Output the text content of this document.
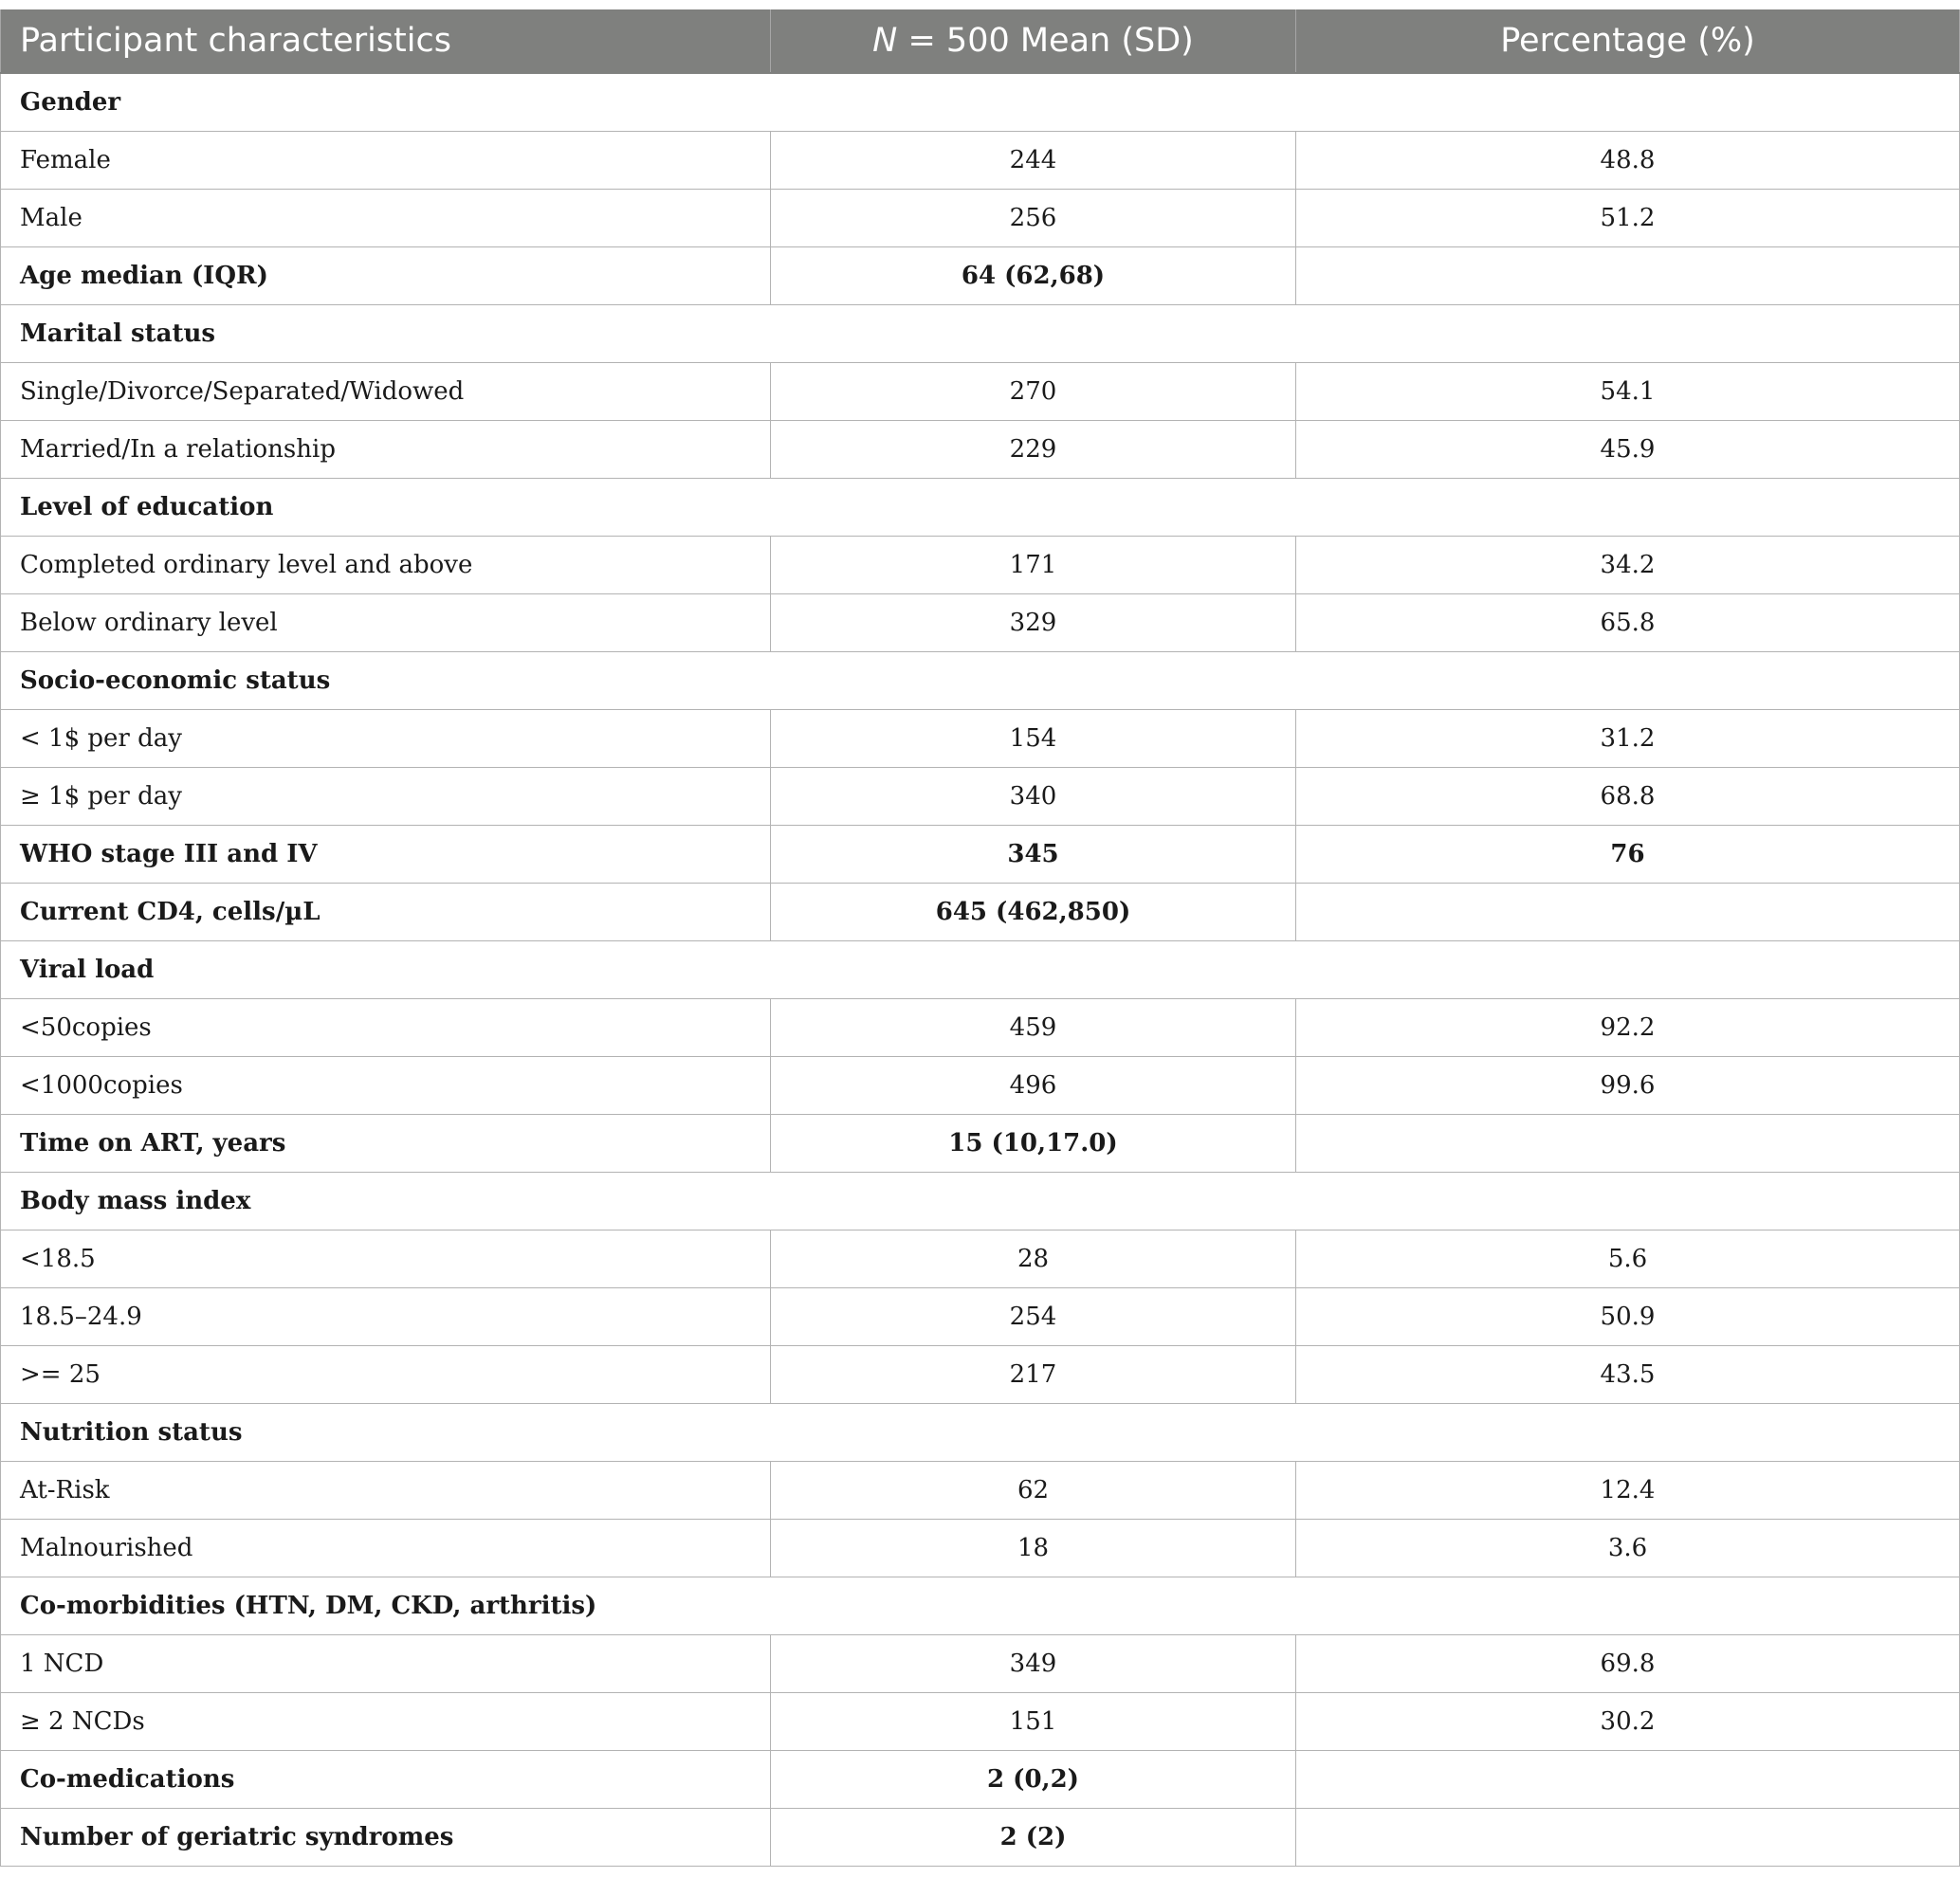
Participant characteristics	N = 500 Mean (SD)	Percentage (%)
Gender		
Female	244	48.8
Male	256	51.2
Age median (IQR)	64 (62,68)	
Marital status		
Single/Divorce/Separated/Widowed	270	54.1
Married/In a relationship	229	45.9
Level of education		
Completed ordinary level and above	171	34.2
Below ordinary level	329	65.8
Socio-economic status		
< 1$ per day	154	31.2
≥ 1$ per day	340	68.8
WHO stage III and IV	345	76
Current CD4, cells/µL	645 (462,850)	
Viral load		
<50copies	459	92.2
<1000copies	496	99.6
Time on ART, years	15 (10,17.0)	
Body mass index		
<18.5	28	5.6
18.5–24.9	254	50.9
>= 25	217	43.5
Nutrition status		
At-Risk	62	12.4
Malnourished	18	3.6
Co-morbidities (HTN, DM, CKD, arthritis)		
1 NCD	349	69.8
≥ 2 NCDs	151	30.2
Co-medications	2 (0,2)	
Number of geriatric syndromes	2 (2)	
